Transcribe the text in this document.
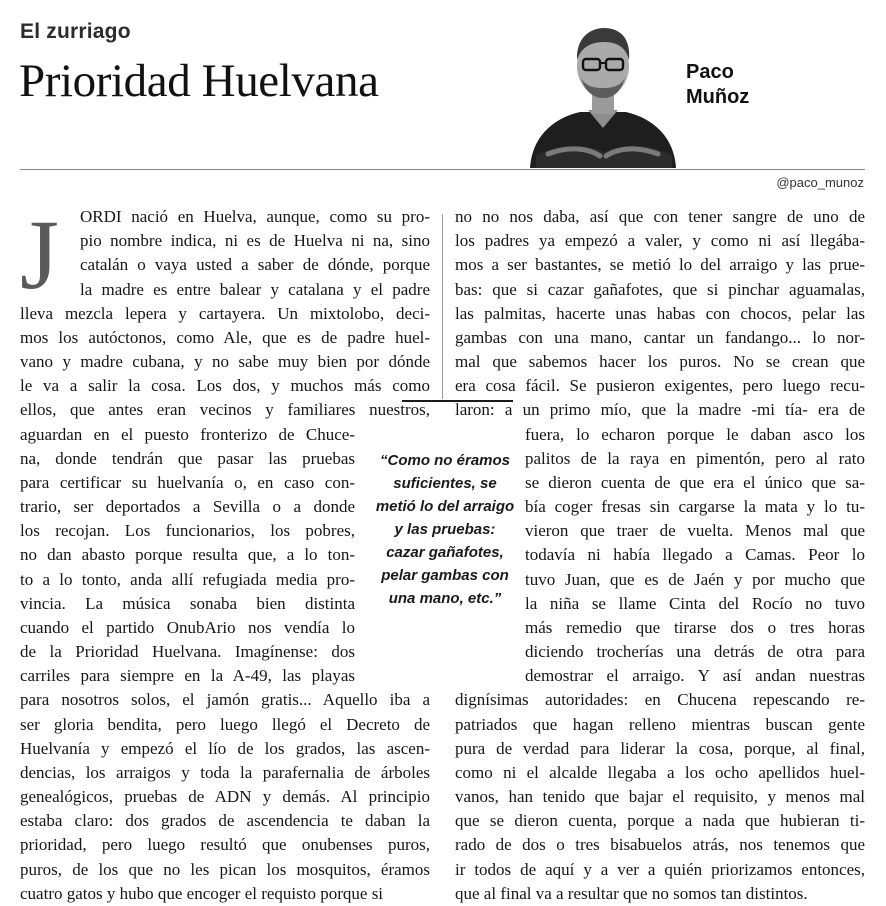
El zurriago
Prioridad Huelvana	Paco
Muñoz
@paco_munoz
“Como no éramos suficientes, se metió lo del arraigo y las pruebas: cazar gañafotes, pelar gambas con una mano, etc.”
J ORDI nació en Huelva, aunque, como su pro-
pio nombre indica, ni es de Huelva ni na, sino
catalán o vaya usted a saber de dónde, porque
la madre es entre balear y catalana y el padre
lleva mezcla lepera y cartayera. Un mixtolobo, deci-
mos los autóctonos, como Ale, que es de padre huel-
vano y madre cubana, y no sabe muy bien por dónde
le va a salir la cosa. Los dos, y muchos más como
ellos, que antes eran vecinos y familiares nuestros,
aguardan en el puesto fronterizo de Chuce-
na, donde tendrán que pasar las pruebas
para certificar su huelvanía o, en caso con-
trario, ser deportados a Sevilla o a donde
los recojan. Los funcionarios, los pobres,
no dan abasto porque resulta que, a lo ton-
to a lo tonto, anda allí refugiada media pro-
vincia. La música sonaba bien distinta
cuando el partido OnubArio nos vendía lo
de la Prioridad Huelvana. Imagínense: dos
carriles para siempre en la A-49, las playas
para nosotros solos, el jamón gratis... Aquello iba a
ser gloria bendita, pero luego llegó el Decreto de
Huelvanía y empezó el lío de los grados, las ascen-
dencias, los arraigos y toda la parafernalia de árboles
genealógicos, pruebas de ADN y demás. Al principio
estaba claro: dos grados de ascendencia te daban la
prioridad, pero luego resultó que onubenses puros,
puros, de los que no les pican los mosquitos, éramos
cuatro gatos y hubo que encoger el requisto porque si
no no nos daba, así que con tener sangre de uno de
los padres ya empezó a valer, y como ni así llegába-
mos a ser bastantes, se metió lo del arraigo y las prue-
bas: que si cazar gañafotes, que si pinchar aguamalas,
las palmitas, hacerte unas habas con chocos, pelar las
gambas con una mano, cantar un fandango... lo nor-
mal que sabemos hacer los puros. No se crean que
era cosa fácil. Se pusieron exigentes, pero luego recu-
laron: a un primo mío, que la madre -mi tía- era de
fuera, lo echaron porque le daban asco los
palitos de la raya en pimentón, pero al rato
se dieron cuenta de que era el único que sa-
bía coger fresas sin cargarse la mata y lo tu-
vieron que traer de vuelta. Menos mal que
todavía ni había llegado a Camas. Peor lo
tuvo Juan, que es de Jaén y por mucho que
la niña se llame Cinta del Rocío no tuvo
más remedio que tirarse dos o tres horas
diciendo trocherías una detrás de otra para
demostrar el arraigo. Y así andan nuestras
dignísimas autoridades: en Chucena repescando re-
patriados que hagan relleno mientras buscan gente
pura de verdad para liderar la cosa, porque, al final,
como ni el alcalde llegaba a los ocho apellidos huel-
vanos, han tenido que bajar el requisito, y menos mal
que se dieron cuenta, porque a nada que hubieran ti-
rado de dos o tres bisabuelos atrás, nos tenemos que
ir todos de aquí y a ver a quién priorizamos entonces,
que al final va a resultar que no somos tan distintos.
